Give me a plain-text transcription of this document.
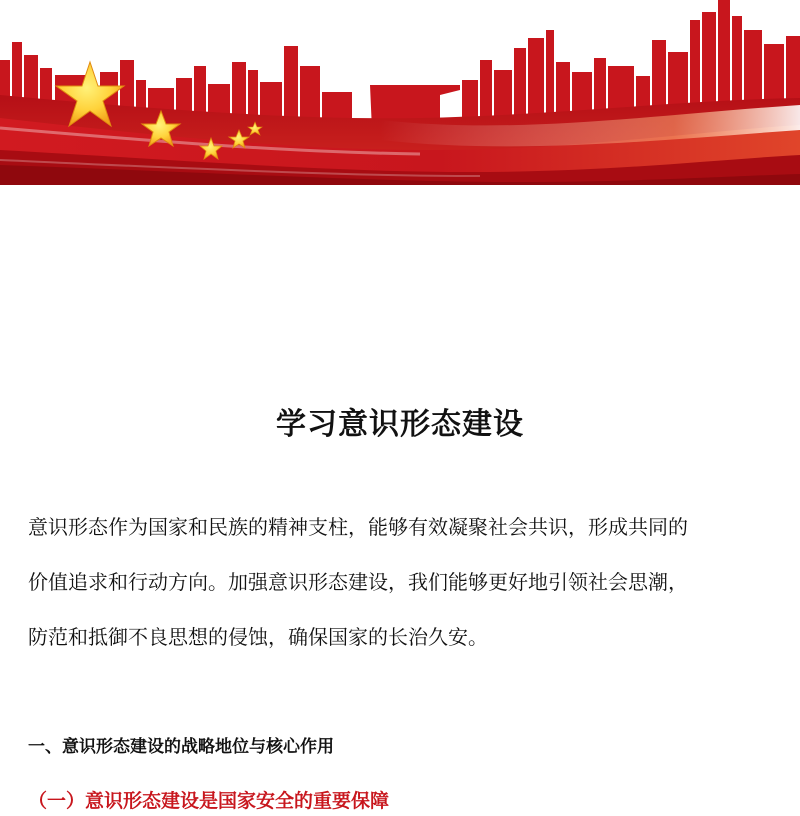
学习意识形态建设

意识形态作为国家和民族的精神支柱，能够有效凝聚社会共识，形成共同的
价值追求和行动方向。加强意识形态建设，我们能够更好地引领社会思潮，
防范和抵御不良思想的侵蚀，确保国家的长治久安。

一、意识形态建设的战略地位与核心作用
（一）意识形态建设是国家安全的重要保障
